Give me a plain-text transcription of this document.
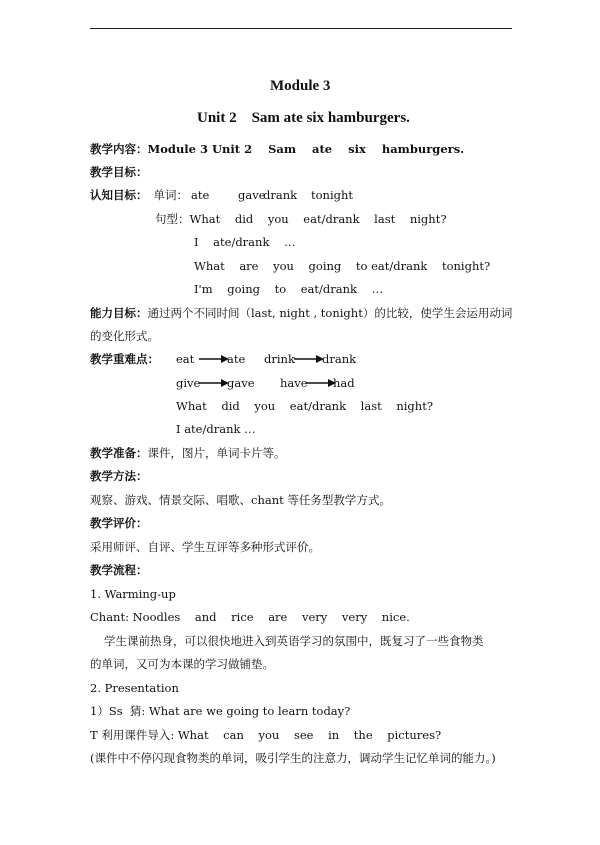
Module 3
Unit 2    Sam ate six hamburgers.
教学内容：Module 3 Unit 2    Sam    ate    six    hamburgers.
教学目标：
认知目标： 单词： ate gave
drank tonight
句型：What    did    you    eat/drank    last    night?
I    ate/drank    …
What    are    you    going    to eat/drank    tonight?
I'm    going    to    eat/drank    …
能力目标：通过两个不同时间（last, night , tonight）的比较，使学生会运用动词
的变化形式。
教学重难点： eat	ate drink drank
give gave have had
What    did    you    eat/drank    last    night?
I ate/drank …
教学准备：课件，图片，单词卡片等。
教学方法：
观察、游戏、情景交际、唱歌、chant 等任务型教学方式。
教学评价：
采用师评、自评、学生互评等多种形式评价。
教学流程：
1. Warming-up
Chant: Noodles    and    rice    are    very    very    nice.
学生课前热身，可以很快地进入到英语学习的氛围中，既复习了一些食物类
的单词，又可为本课的学习做铺垫。
2. Presentation
1）Ss  猜: What are we going to learn today?
T 利用课件导入: What    can    you    see    in    the    pictures?
(课件中不停闪现食物类的单词，吸引学生的注意力，调动学生记忆单词的能力。)
